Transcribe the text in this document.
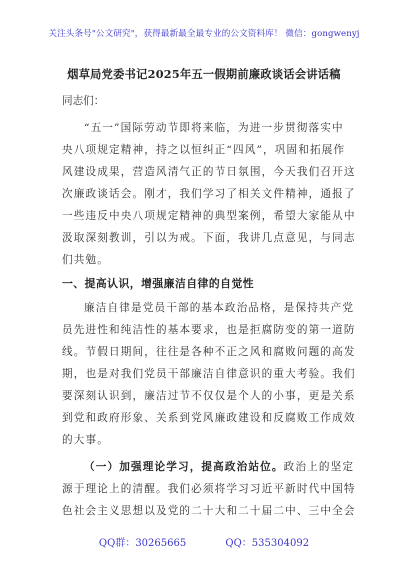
关注头条号"公文研究"，获得最新最全最专业的公文资料库！ 微信：gongwenyj
烟草局党委书记2025年五一假期前廉政谈话会讲话稿
同志们：
“五一”国际劳动节即将来临，为进一步贯彻落实中
央八项规定精神，持之以恒纠正“四风”，巩固和拓展作
风建设成果，营造风清气正的节日氛围，今天我们召开这
次廉政谈话会。刚才，我们学习了相关文件精神，通报了
一些违反中央八项规定精神的典型案例，希望大家能从中
汲取深刻教训，引以为戒。下面，我讲几点意见，与同志
们共勉。
一、提高认识，增强廉洁自律的自觉性
廉洁自律是党员干部的基本政治品格，是保持共产党
员先进性和纯洁性的基本要求，也是拒腐防变的第一道防
线。节假日期间，往往是各种不正之风和腐败问题的高发
期，也是对我们党员干部廉洁自律意识的重大考验。我们
要深刻认识到，廉洁过节不仅仅是个人的小事，更是关系
到党和政府形象、关系到党风廉政建设和反腐败工作成效
的大事。
（一）加强理论学习，提高政治站位。政治上的坚定
源于理论上的清醒。我们必须将学习习近平新时代中国特
色社会主义思想以及党的二十大和二十届二中、三中全会
QQ群：30265665	QQ：535304092
